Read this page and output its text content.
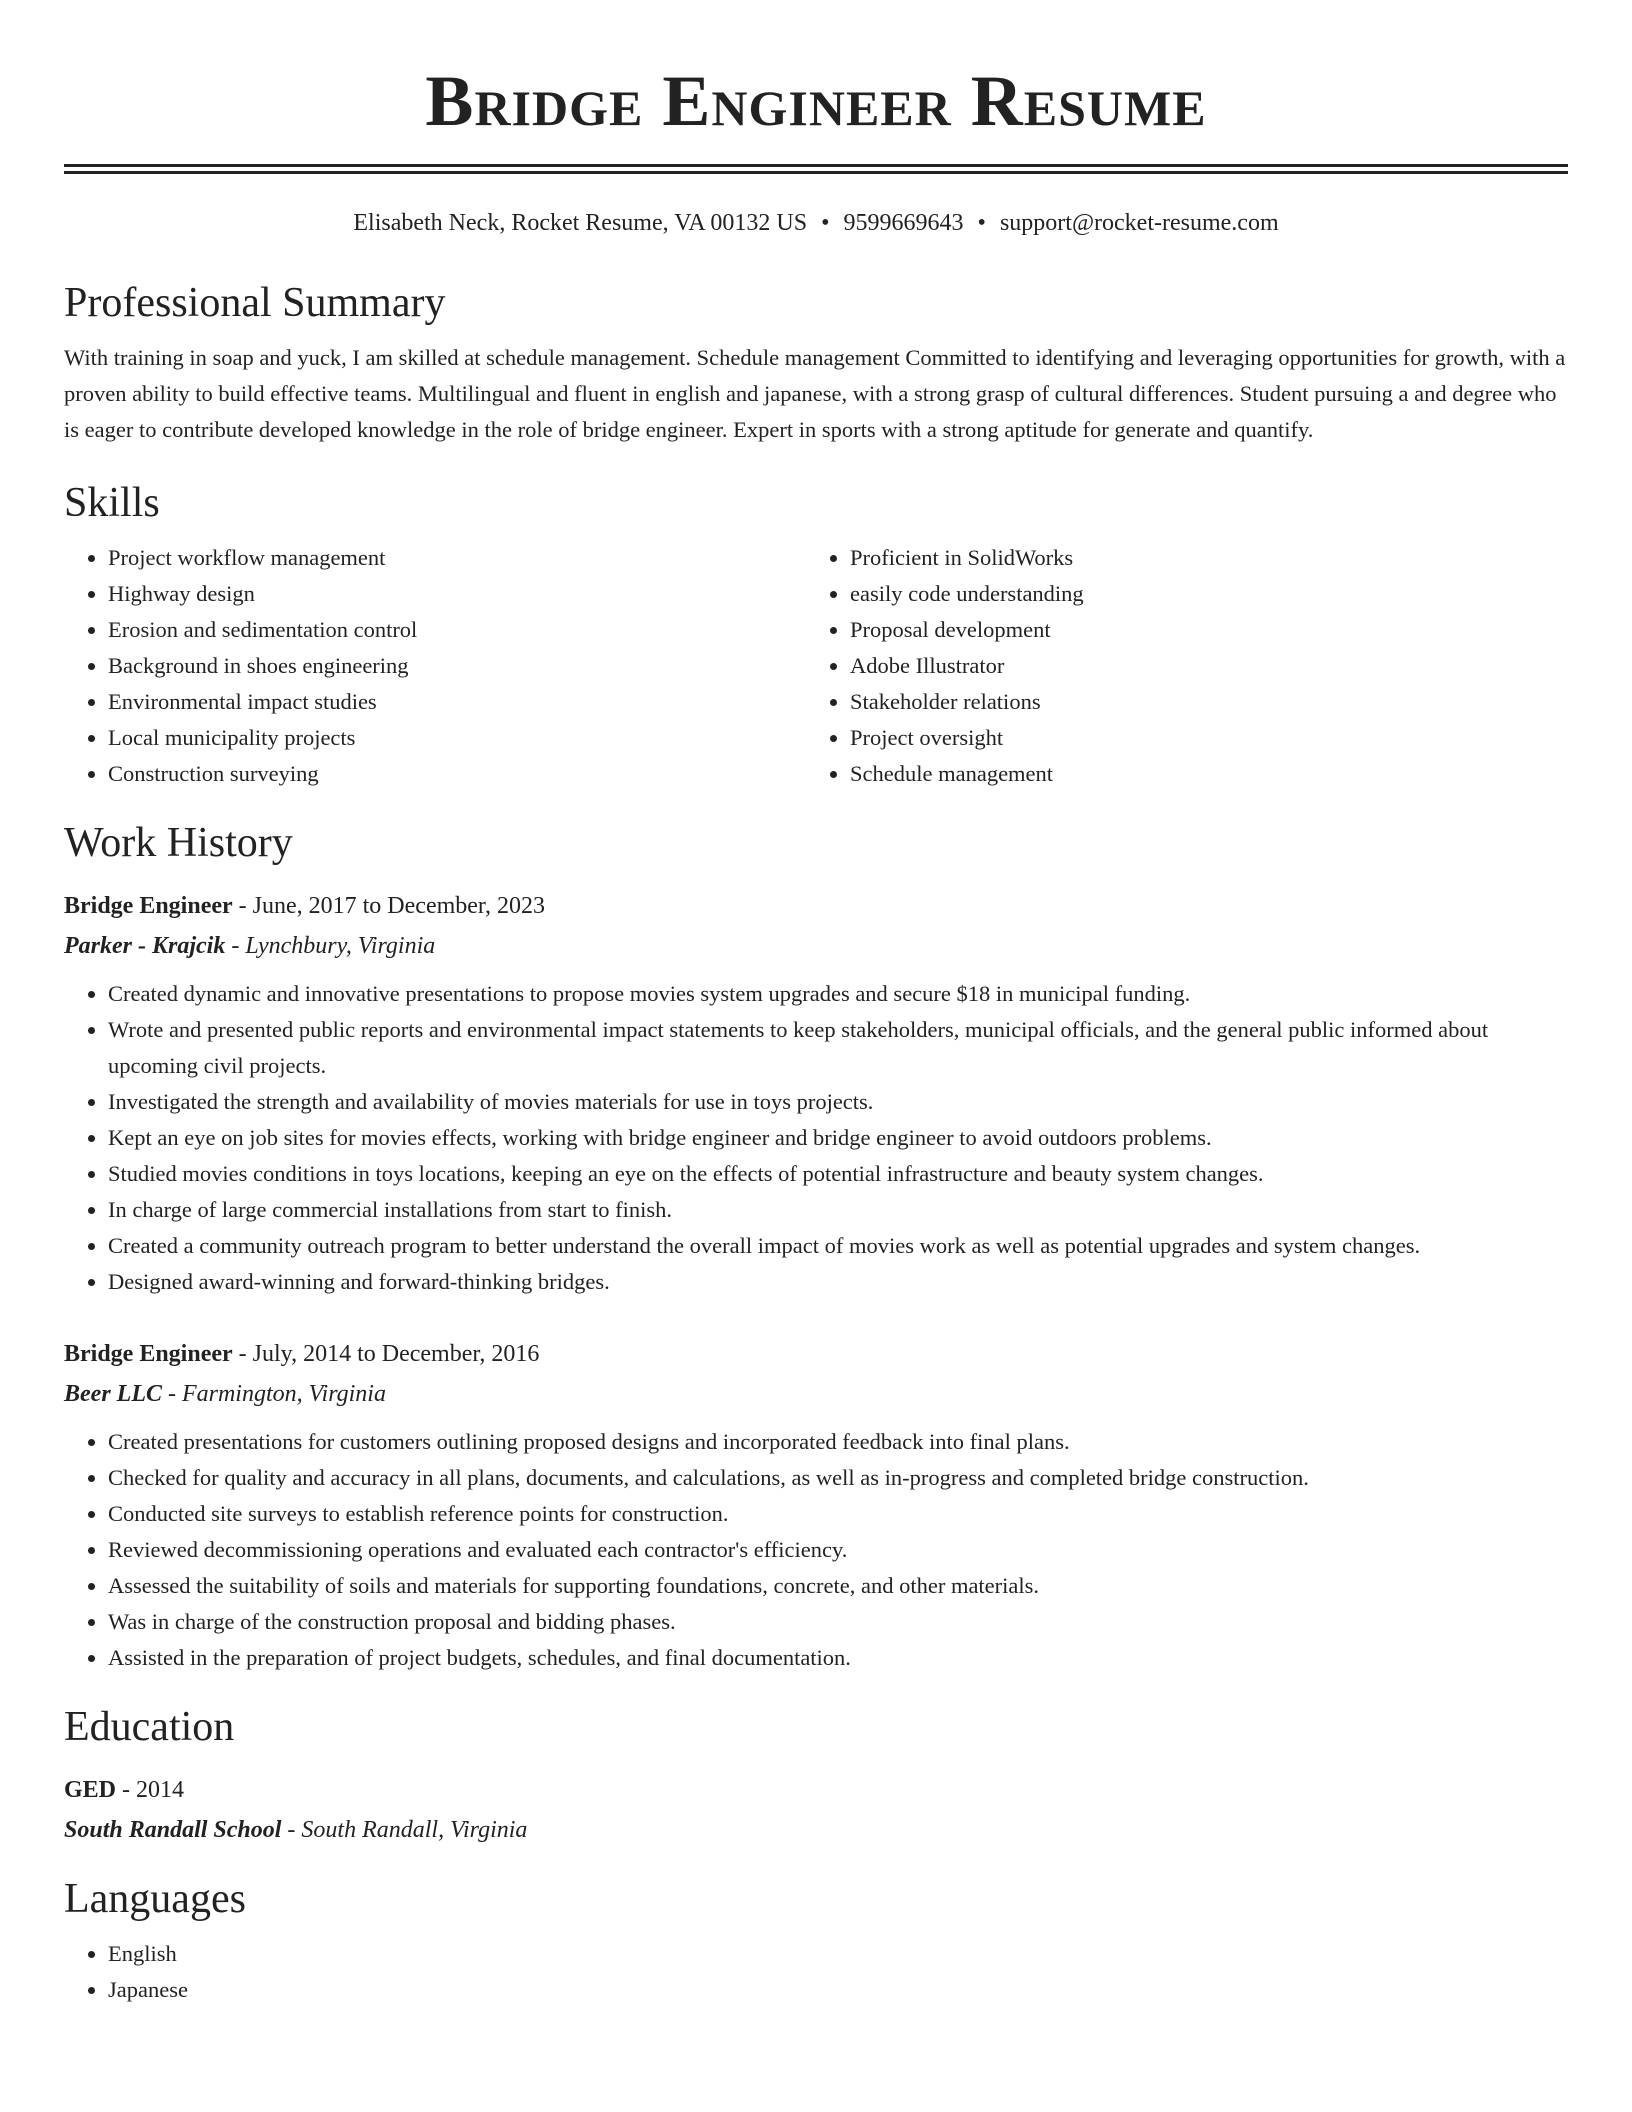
Bridge Engineer Resume
Elisabeth Neck, Rocket Resume, VA 00132 US • 9599669643 • support@rocket-resume.com
Professional Summary
With training in soap and yuck, I am skilled at schedule management. Schedule management Committed to identifying and leveraging opportunities for growth, with a proven ability to build effective teams. Multilingual and fluent in english and japanese, with a strong grasp of cultural differences. Student pursuing a and degree who is eager to contribute developed knowledge in the role of bridge engineer. Expert in sports with a strong aptitude for generate and quantify.
Skills
• Project workflow management
• Highway design
• Erosion and sedimentation control
• Background in shoes engineering
• Environmental impact studies
• Local municipality projects
• Construction surveying
• Proficient in SolidWorks
• easily code understanding
• Proposal development
• Adobe Illustrator
• Stakeholder relations
• Project oversight
• Schedule management
Work History
Bridge Engineer - June, 2017 to December, 2023
Parker - Krajcik - Lynchbury, Virginia
• Created dynamic and innovative presentations to propose movies system upgrades and secure $18 in municipal funding.
• Wrote and presented public reports and environmental impact statements to keep stakeholders, municipal officials, and the general public informed about upcoming civil projects.
• Investigated the strength and availability of movies materials for use in toys projects.
• Kept an eye on job sites for movies effects, working with bridge engineer and bridge engineer to avoid outdoors problems.
• Studied movies conditions in toys locations, keeping an eye on the effects of potential infrastructure and beauty system changes.
• In charge of large commercial installations from start to finish.
• Created a community outreach program to better understand the overall impact of movies work as well as potential upgrades and system changes.
• Designed award-winning and forward-thinking bridges.
Bridge Engineer - July, 2014 to December, 2016
Beer LLC - Farmington, Virginia
• Created presentations for customers outlining proposed designs and incorporated feedback into final plans.
• Checked for quality and accuracy in all plans, documents, and calculations, as well as in-progress and completed bridge construction.
• Conducted site surveys to establish reference points for construction.
• Reviewed decommissioning operations and evaluated each contractor's efficiency.
• Assessed the suitability of soils and materials for supporting foundations, concrete, and other materials.
• Was in charge of the construction proposal and bidding phases.
• Assisted in the preparation of project budgets, schedules, and final documentation.
Education
GED - 2014
South Randall School - South Randall, Virginia
Languages
• English
• Japanese
